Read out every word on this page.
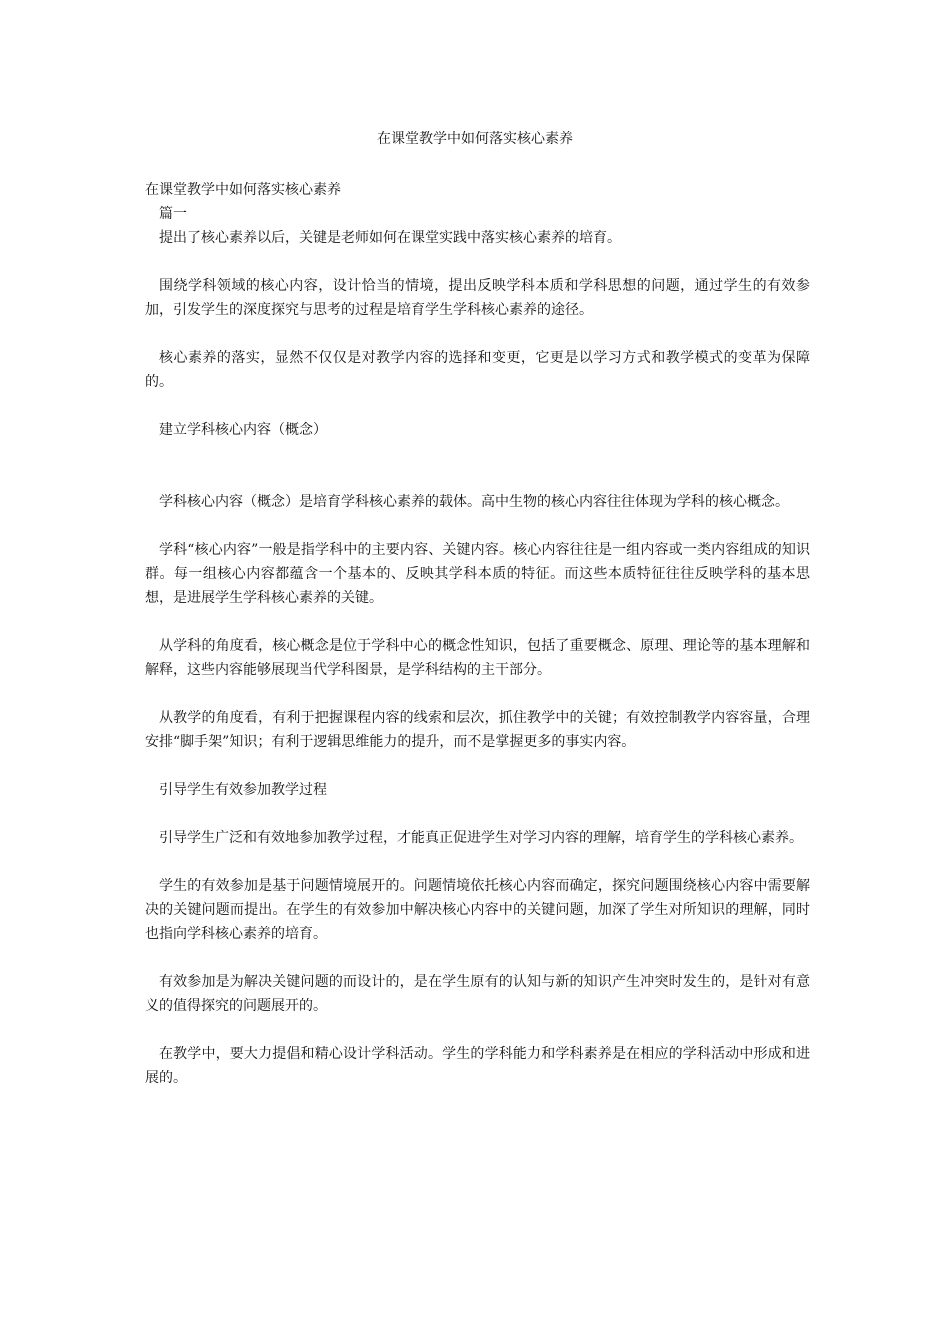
在课堂教学中如何落实核心素养

在课堂教学中如何落实核心素养

篇一

提出了核心素养以后，关键是老师如何在课堂实践中落实核心素养的培育。

围绕学科领域的核心内容，设计恰当的情境，提出反映学科本质和学科思想的问题，通过学生的有效参加，引发学生的深度探究与思考的过程是培育学生学科核心素养的途径。

核心素养的落实，显然不仅仅是对教学内容的选择和变更，它更是以学习方式和教学模式的变革为保障的。

建立学科核心内容（概念）

学科核心内容（概念）是培育学科核心素养的载体。高中生物的核心内容往往体现为学科的核心概念。

学科“核心内容”一般是指学科中的主要内容、关键内容。核心内容往往是一组内容或一类内容组成的知识群。每一组核心内容都蕴含一个基本的、反映其学科本质的特征。而这些本质特征往往反映学科的基本思想，是进展学生学科核心素养的关键。

从学科的角度看，核心概念是位于学科中心的概念性知识，包括了重要概念、原理、理论等的基本理解和解释，这些内容能够展现当代学科图景，是学科结构的主干部分。

从教学的角度看，有利于把握课程内容的线索和层次，抓住教学中的关键；有效控制教学内容容量，合理安排“脚手架”知识；有利于逻辑思维能力的提升，而不是掌握更多的事实内容。

引导学生有效参加教学过程

引导学生广泛和有效地参加教学过程，才能真正促进学生对学习内容的理解，培育学生的学科核心素养。

学生的有效参加是基于问题情境展开的。问题情境依托核心内容而确定，探究问题围绕核心内容中需要解决的关键问题而提出。在学生的有效参加中解决核心内容中的关键问题，加深了学生对所知识的理解，同时也指向学科核心素养的培育。

有效参加是为解决关键问题的而设计的，是在学生原有的认知与新的知识产生冲突时发生的，是针对有意义的值得探究的问题展开的。

在教学中，要大力提倡和精心设计学科活动。学生的学科能力和学科素养是在相应的学科活动中形成和进展的。
